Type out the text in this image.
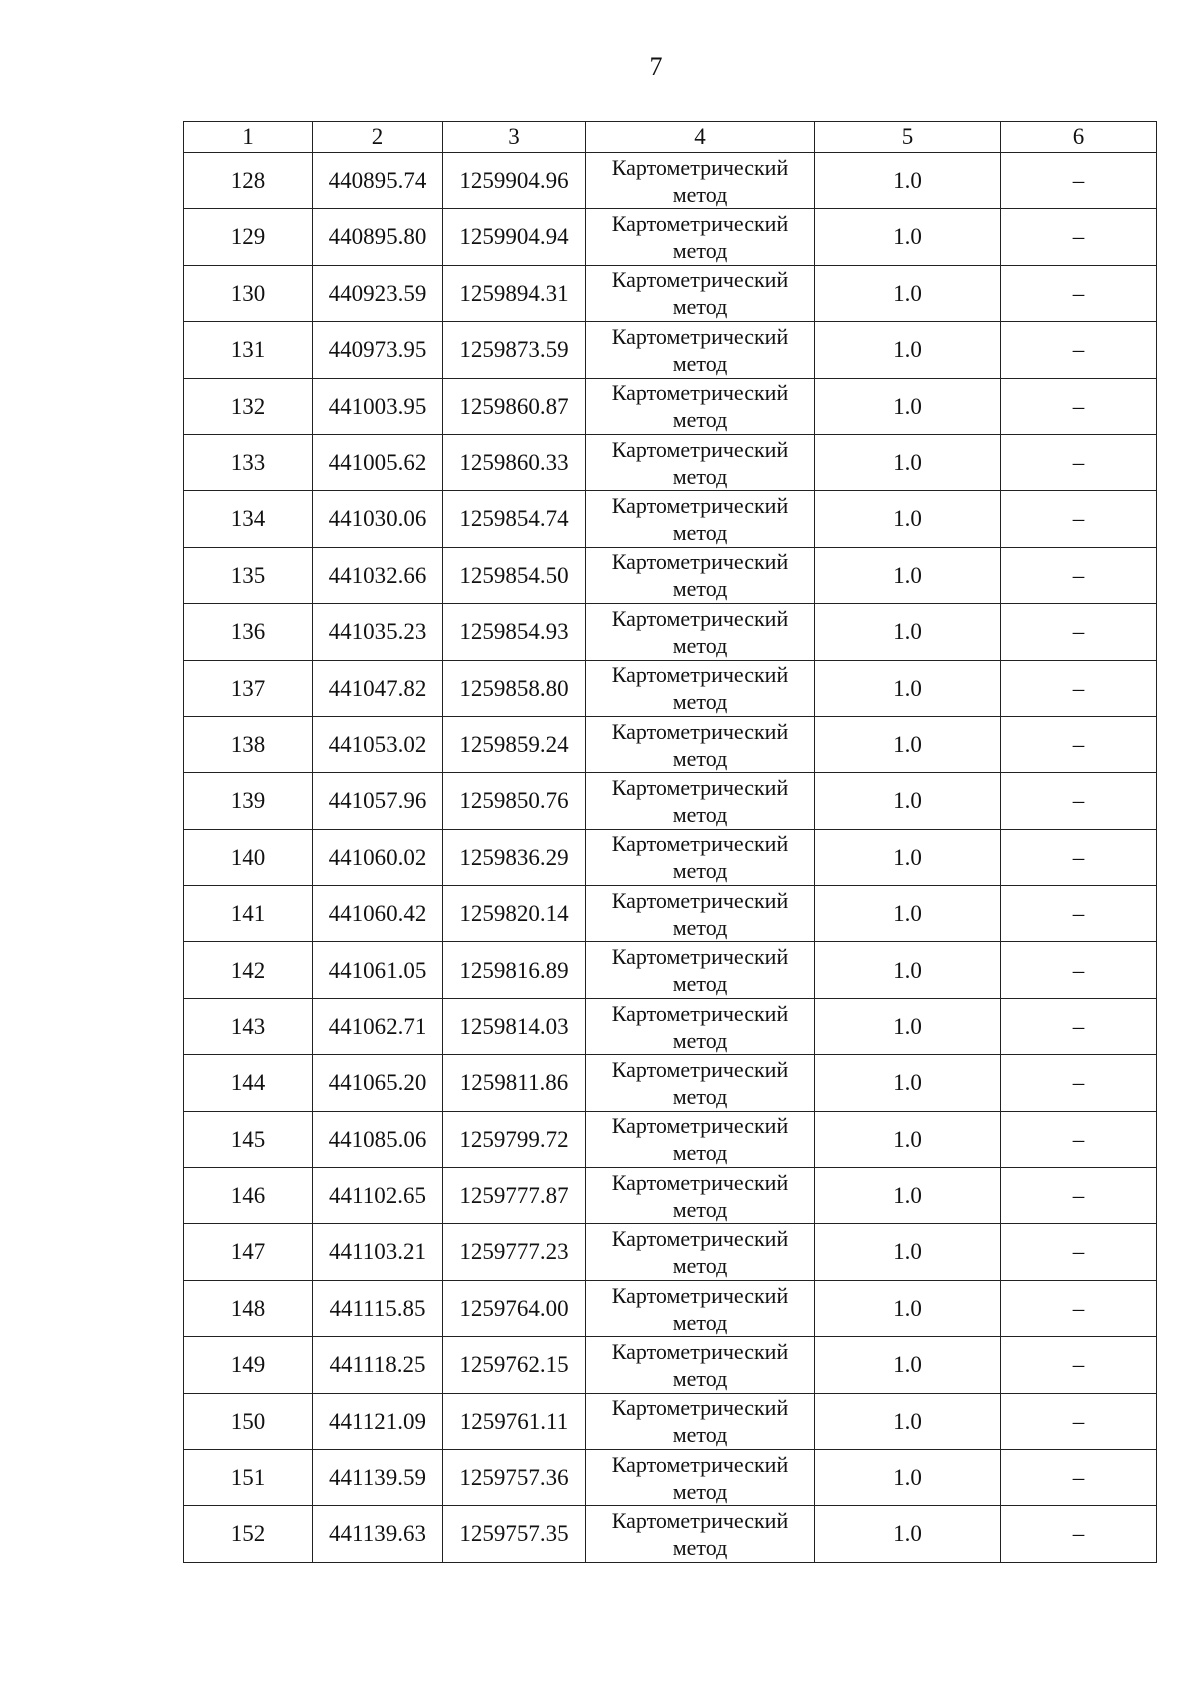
7
1	2	3	4	5	6
128	440895.74	1259904.96	Картометрический метод	1.0	–
129	440895.80	1259904.94	Картометрический метод	1.0	–
130	440923.59	1259894.31	Картометрический метод	1.0	–
131	440973.95	1259873.59	Картометрический метод	1.0	–
132	441003.95	1259860.87	Картометрический метод	1.0	–
133	441005.62	1259860.33	Картометрический метод	1.0	–
134	441030.06	1259854.74	Картометрический метод	1.0	–
135	441032.66	1259854.50	Картометрический метод	1.0	–
136	441035.23	1259854.93	Картометрический метод	1.0	–
137	441047.82	1259858.80	Картометрический метод	1.0	–
138	441053.02	1259859.24	Картометрический метод	1.0	–
139	441057.96	1259850.76	Картометрический метод	1.0	–
140	441060.02	1259836.29	Картометрический метод	1.0	–
141	441060.42	1259820.14	Картометрический метод	1.0	–
142	441061.05	1259816.89	Картометрический метод	1.0	–
143	441062.71	1259814.03	Картометрический метод	1.0	–
144	441065.20	1259811.86	Картометрический метод	1.0	–
145	441085.06	1259799.72	Картометрический метод	1.0	–
146	441102.65	1259777.87	Картометрический метод	1.0	–
147	441103.21	1259777.23	Картометрический метод	1.0	–
148	441115.85	1259764.00	Картометрический метод	1.0	–
149	441118.25	1259762.15	Картометрический метод	1.0	–
150	441121.09	1259761.11	Картометрический метод	1.0	–
151	441139.59	1259757.36	Картометрический метод	1.0	–
152	441139.63	1259757.35	Картометрический метод	1.0	–
